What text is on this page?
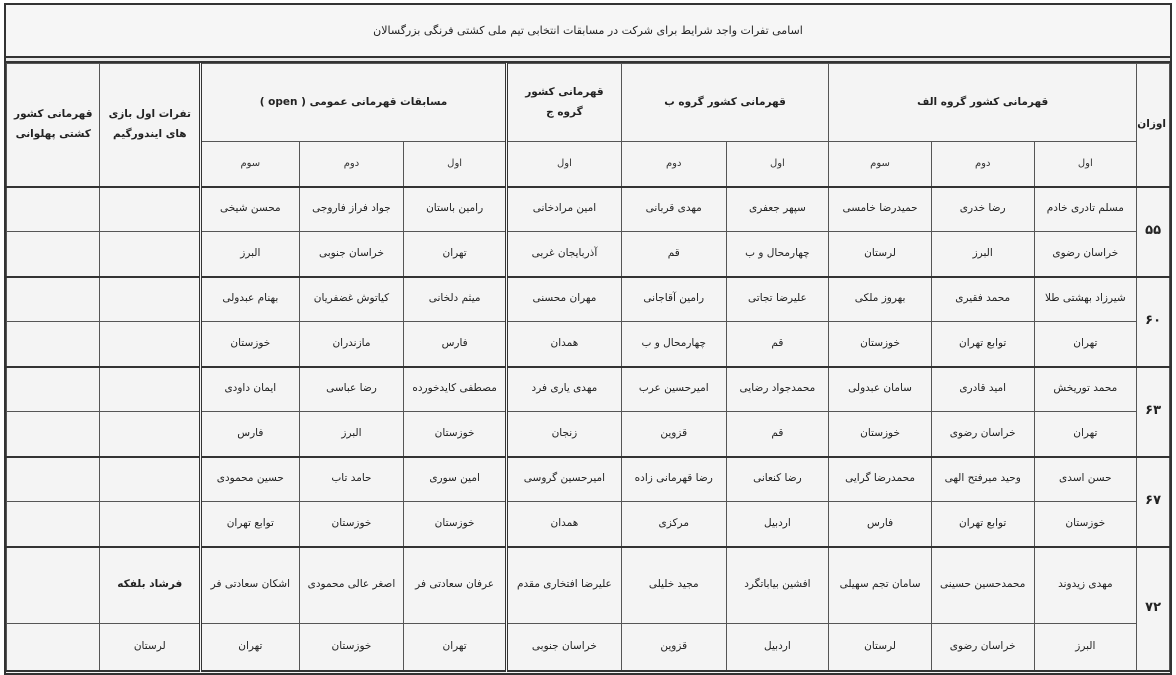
اسامی تفرات واجد شرایط برای شرکت در مسابقات انتخابی تیم ملی کشتی فرنگی بزرگسالان
اوزان	قهرمانی کشور گروه الف			قهرمانی کشور گروه ب		قهرمانی کشور گروه ج	مسابقات قهرمانی عمومی ( open )			تفرات اول بازی های ایندورگیم	قهرمانی کشور کشتی پهلوانی
	اول	دوم	سوم	اول	دوم	اول	اول	دوم	سوم		
۵۵	مسلم تادری خادم	رضا خدری	حمیدرضا خامسی	سپهر جعفری	مهدی قربانی	امین مرادخانی	رامین باستان	جواد فراز فاروجی	محسن شیخی		
	خراسان رضوی	البرز	لرستان	چهارمحال و ب	قم	آذربایجان غربی	تهران	خراسان جنوبی	البرز		
۶۰	شیرزاد بهشتی طلا	محمد فقیری	بهروز ملکی	علیرضا تجاتی	رامین آقاجانی	مهران محسنی	میثم دلخانی	کیاتوش غضفریان	بهنام عبدولی		
	تهران	توابع تهران	خوزستان	قم	چهارمحال و ب	همدان	فارس	مازندران	خوزستان		
۶۳	محمد توریخش	امید قادری	سامان عبدولی	محمدجواد رضایی	امیرحسین عرب	مهدی یاری فرد	مصطفی کایدخورده	رضا عباسی	ایمان داودی		
	تهران	خراسان رضوی	خوزستان	قم	قزوین	زنجان	خوزستان	البرز	فارس		
۶۷	حسن اسدی	وحید میرفتح الهی	محمدرضا گرایی	رضا کنعانی	رضا قهرمانی زاده	امیرحسین گروسی	امین سوری	حامد تاب	حسین محمودی		
	خوزستان	توابع تهران	فارس	اردبیل	مرکزی	همدان	خوزستان	خوزستان	توابع تهران		
۷۲	مهدی زیدوند	محمدحسین حسینی	سامان تجم سهیلی	افشین بیاباتگرد	مجید خلیلی	علیرضا افتخاری مقدم	عرفان سعادتی فر	اصغر عالی محمودی	اشکان سعادتی فر	فرشاد بلفکه	
	البرز	خراسان رضوی	لرستان	اردبیل	قزوین	خراسان جنوبی	تهران	خوزستان	تهران	لرستان	
